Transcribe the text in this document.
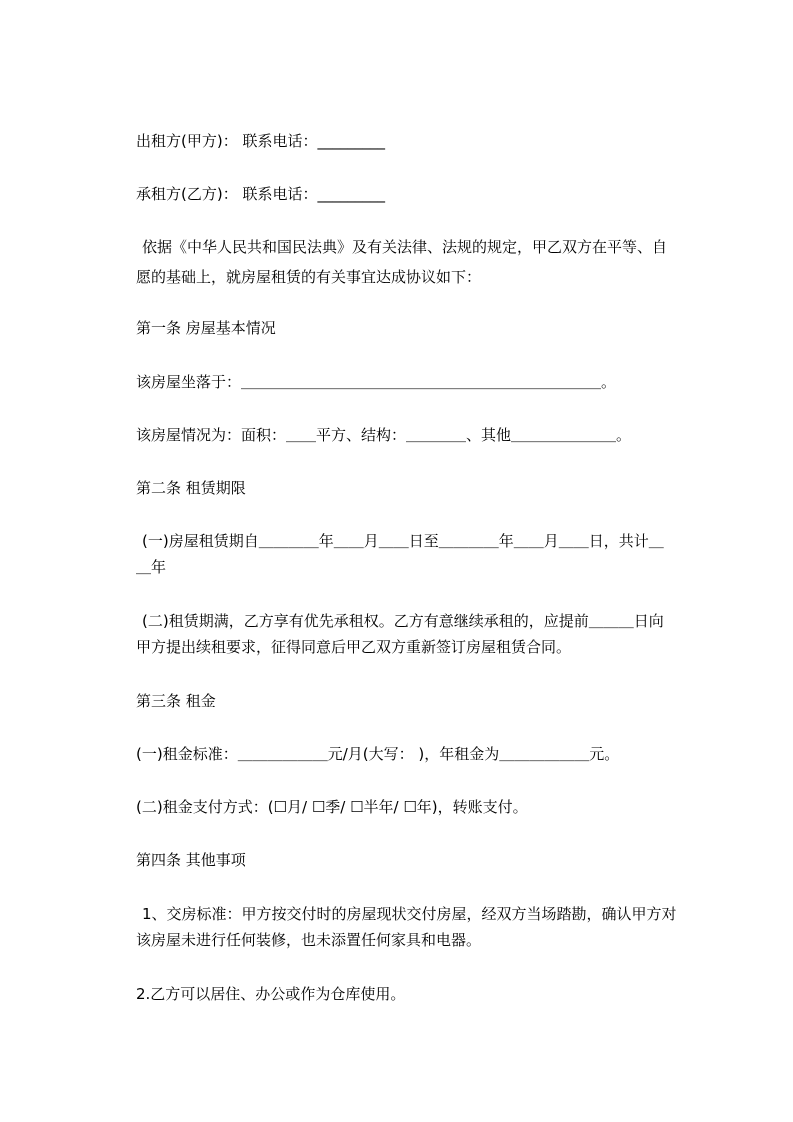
出租方(甲方)： 联系电话：_________
承租方(乙方)： 联系电话：_________
依据《中华人民共和国民法典》及有关法律、法规的规定，甲乙双方在平等、自
愿的基础上，就房屋租赁的有关事宜达成协议如下：
第一条 房屋基本情况
该房屋坐落于：＿＿＿＿＿＿＿＿＿＿＿＿＿＿＿＿＿＿＿＿＿＿＿＿。
该房屋情况为：面积：＿＿平方、结构：＿＿＿＿、其他＿＿＿＿＿＿＿。
第二条 租赁期限
(一)房屋租赁期自＿＿＿＿年＿＿月＿＿日至＿＿＿＿年＿＿月＿＿日，共计＿
＿年
(二)租赁期满，乙方享有优先承租权。乙方有意继续承租的，应提前＿＿＿日向
甲方提出续租要求，征得同意后甲乙双方重新签订房屋租赁合同。
第三条 租金
(一)租金标准：＿＿＿＿＿＿元/月(大写： )，年租金为＿＿＿＿＿＿元。
(二)租金支付方式：(☐月/ ☐季/ ☐半年/ ☐年)，转账支付。
第四条 其他事项
1、交房标准：甲方按交付时的房屋现状交付房屋，经双方当场踏勘，确认甲方对
该房屋未进行任何装修，也未添置任何家具和电器。
2.乙方可以居住、办公或作为仓库使用。
